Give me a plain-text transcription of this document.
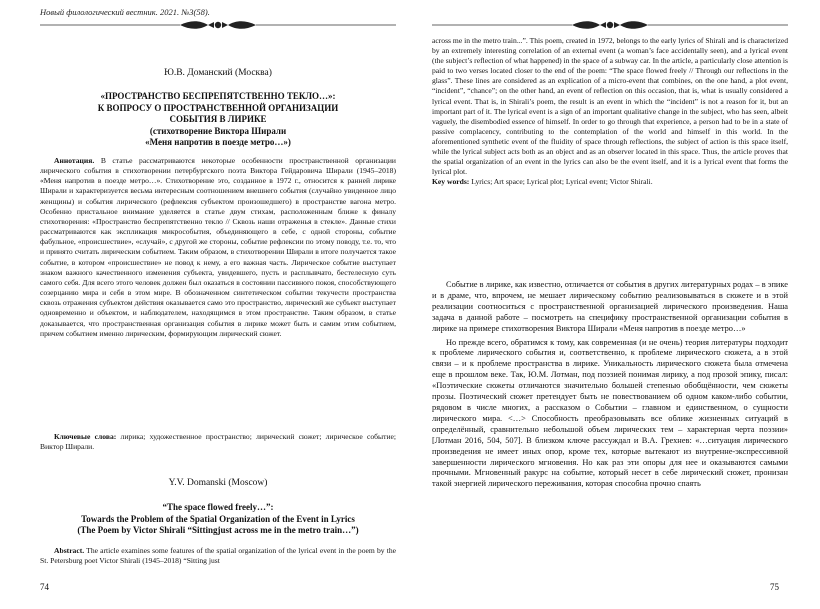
Новый филологический вестник. 2021. №3(58).
Ю.В. Доманский (Москва)
«ПРОСТРАНСТВО БЕСПРЕПЯТСТВЕННО ТЕКЛО…»:
К ВОПРОСУ О ПРОСТРАНСТВЕННОЙ ОРГАНИЗАЦИИ
СОБЫТИЯ В ЛИРИКЕ
(стихотворение Виктора Ширали
«Меня напротив в поезде метро…»)
Аннотация. В статье рассматриваются некоторые особенности пространственной организации лирического события в стихотворении петербургского поэта Виктора Гейдаровича Ширали (1945–2018) «Меня напротив в поезде метро…». Стихотворение это, созданное в 1972 г., относится к ранней лирике Ширали и характеризуется весьма интересным соотношением внешнего события (случайно увиденное лицо женщины) и события лирического (рефлексия субъектом произошедшего) в пространстве вагона метро. Особенно пристальное внимание уделяется в статье двум стихам, расположенным ближе к финалу стихотворения: «Пространство беспрепятственно текло // Сквозь наши отраженья в стекле». Данные стихи рассматриваются как экспликация микрособытия, объединяющего в себе, с одной стороны, событие фабульное, «происшествие», «случай», с другой же стороны, событие рефлексии по этому поводу, т.е. то, что и принято считать лирическим событием. Таким образом, в стихотворении Ширали в итоге получается такое событие, в котором «происшествие» не повод к нему, а его важная часть. Лирическое событие выступает знаком важного качественного изменения субъекта, увидевшего, пусть и расплывчато, бестелесную суть самого себя. Для всего этого человек должен был оказаться в состоянии пассивного покоя, способствующего созерцанию мира и себя в этом мире. В обозначенном синтетическом событии текучести пространства сквозь отражения субъектом действия оказывается само это пространство, лирический же субъект выступает одновременно и объектом, и наблюдателем, находящимся в этом пространстве. Таким образом, в статье доказывается, что пространственная организация события в лирике может быть и самим этим событием, причем событием именно лирическим, формирующим лирический сюжет.
Ключевые слова: лирика; художественное пространство; лирический сюжет; лирическое событие; Виктор Ширали.
Y.V. Domanski (Moscow)
“The space flowed freely…”:
Towards the Problem of the Spatial Organization of the Event in Lyrics
(The Poem by Victor Shirali “Sittingjust across me in the metro train…”)
Abstract. The article examines some features of the spatial organization of the lyrical event in the poem by the St. Petersburg poet Victor Shirali (1945–2018) “Sitting just
74

across me in the metro train...”. This poem, created in 1972, belongs to the early lyrics of Shirali and is characterized by an extremely interesting correlation of an external event (a woman’s face accidentally seen), and a lyrical event (the subject’s reflection of what happened) in the space of a subway car. In the article, a particularly close attention is paid to two verses located closer to the end of the poem: “The space flowed freely // Through our reflections in the glass”. These lines are considered as an explication of a micro-event that combines, on the one hand, a plot event, “incident”, “chance”; on the other hand, an event of reflection on this occasion, that is, what is usually considered a lyrical event. That is, in Shirali’s poem, the result is an event in which the “incident” is not a reason for it, but an important part of it. The lyrical event is a sign of an important qualitative change in the subject, who has seen, albeit vaguely, the disembodied essence of himself. In order to go through that experience, a person had to be in a state of passive complacency, contributing to the contemplation of the world and himself in this world. In the aforementioned synthetic event of the fluidity of space through reflections, the subject of action is this space itself, while the lyrical subject acts both as an object and as an observer located in this space. Thus, the article proves that the spatial organization of an event in the lyrics can also be the event itself, and it is a lyrical event that forms the lyrical plot.

Key words: Lyrics; Art space; Lyrical plot; Lyrical event; Victor Shirali.

Событие в лирике, как известно, отличается от события в других литературных родах – в эпике и в драме, что, впрочем, не мешает лирическому событию реализовываться в сюжете и в этой реализации соотноситься с пространственной организацией лирического произведения. Наша задача в данной работе – посмотреть на специфику пространственной организации события в лирике на примере стихотворения Виктора Ширали «Меня напротив в поезде метро…»

Но прежде всего, обратимся к тому, как современная (и не очень) теория литературы подходит к проблеме лирического события и, соответственно, к проблеме лирического сюжета, а в этой связи – и к проблеме пространства в лирике. Уникальность лирического сюжета была отмечена еще в прошлом веке. Так, Ю.М. Лотман, под поэзией понимая лирику, а под прозой эпику, писал: «Поэтические сюжеты отличаются значительно большей степенью обобщённости, чем сюжеты прозы. Поэтический сюжет претендует быть не повествованием об одном каком-либо событии, рядовом в числе многих, а рассказом о Событии – главном и единственном, о сущности лирического мира. <…> Способность преобразовывать все облике жизненных ситуаций в определённый, сравнительно небольшой объем лирических тем – характерная черта поэзии» [Лотман 2016, 504, 507]. В близком ключе рассуждал и В.А. Грехнев: «…ситуация лирического произведения не имеет иных опор, кроме тех, которые вытекают из внутренне-экспрессивной завершенности лирического мгновения. Но как раз эти опоры для нее и оказываются самыми прочными. Мгновенный ракурс на событие, который несет в себе лирический сюжет, пронизан такой энергией лирического переживания, которая способна прочно спаять

75
